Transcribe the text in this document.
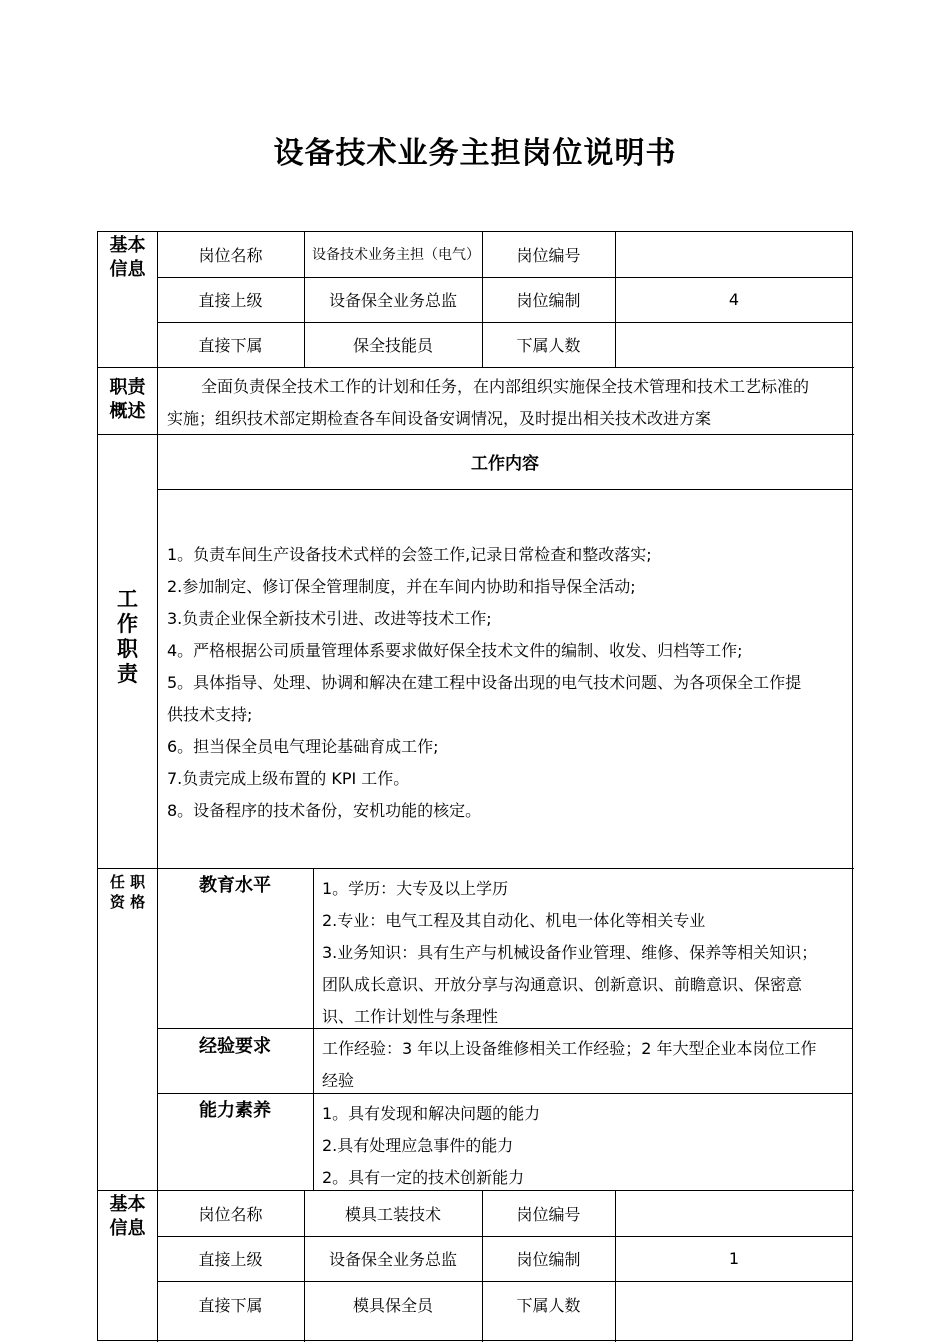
设备技术业务主担岗位说明书
基本
信息
岗位名称	设备技术业务主担（电气）	岗位编号
直接上级	设备保全业务总监	岗位编制	4
直接下属	保全技能员	下属人数
职责
概述
全面负责保全技术工作的计划和任务，在内部组织实施保全技术管理和技术工艺标准的
实施；组织技术部定期检查各车间设备安调情况，及时提出相关技术改进方案
工
作
职
责
工作内容
1。负责车间生产设备技术式样的会签工作,记录日常检查和整改落实;
2.参加制定、修订保全管理制度，并在车间内协助和指导保全活动;
3.负责企业保全新技术引进、改进等技术工作;
4。严格根据公司质量管理体系要求做好保全技术文件的编制、收发、归档等工作;
5。具体指导、处理、协调和解决在建工程中设备出现的电气技术问题、为各项保全工作提
供技术支持;
6。担当保全员电气理论基础育成工作;
7.负责完成上级布置的 KPI 工作。
8。设备程序的技术备份，安机功能的核定。
任 职
资 格
教育水平	1。学历：大专及以上学历
2.专业：电气工程及其自动化、机电一体化等相关专业
3.业务知识：具有生产与机械设备作业管理、维修、保养等相关知识；
团队成长意识、开放分享与沟通意识、创新意识、前瞻意识、保密意
识、工作计划性与条理性
经验要求	工作经验：3 年以上设备维修相关工作经验；2 年大型企业本岗位工作
经验
能力素养	1。具有发现和解决问题的能力
2.具有处理应急事件的能力
2。具有一定的技术创新能力
基本
信息
岗位名称	模具工装技术	岗位编号
直接上级	设备保全业务总监	岗位编制	1
直接下属	模具保全员	下属人数
